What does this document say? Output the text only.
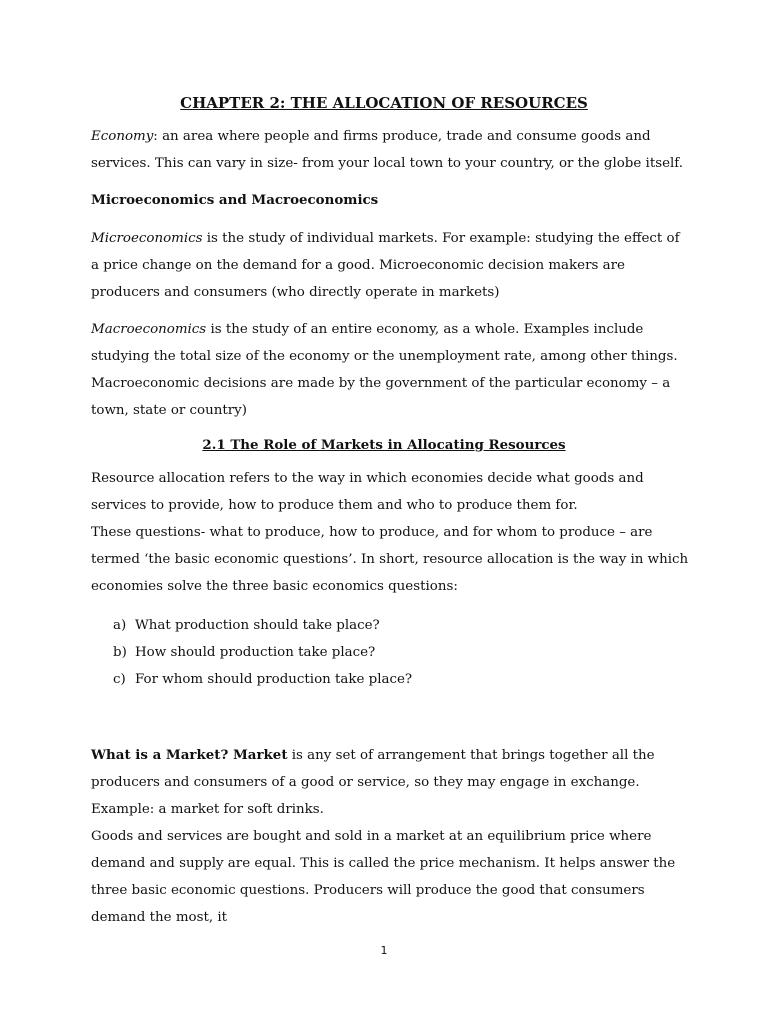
CHAPTER 2: THE ALLOCATION OF RESOURCES

Economy: an area where people and firms produce, trade and consume goods and services. This can vary in size- from your local town to your country, or the globe itself.

Microeconomics and Macroeconomics

Microeconomics is the study of individual markets. For example: studying the effect of a price change on the demand for a good. Microeconomic decision makers are producers and consumers (who directly operate in markets)

Macroeconomics is the study of an entire economy, as a whole. Examples include studying the total size of the economy or the unemployment rate, among other things. Macroeconomic decisions are made by the government of the particular economy – a town, state or country)

2.1 The Role of Markets in Allocating Resources

Resource allocation refers to the way in which economies decide what goods and services to provide, how to produce them and who to produce them for.

These questions- what to produce, how to produce, and for whom to produce – are termed ‘the basic economic questions’. In short, resource allocation is the way in which economies solve the three basic economics questions:

a) What production should take place?
b) How should production take place?
c) For whom should production take place?

What is a Market? Market is any set of arrangement that brings together all the producers and consumers of a good or service, so they may engage in exchange. Example: a market for soft drinks.

Goods and services are bought and sold in a market at an equilibrium price where demand and supply are equal. This is called the price mechanism. It helps answer the three basic economic questions. Producers will produce the good that consumers demand the most, it

1
